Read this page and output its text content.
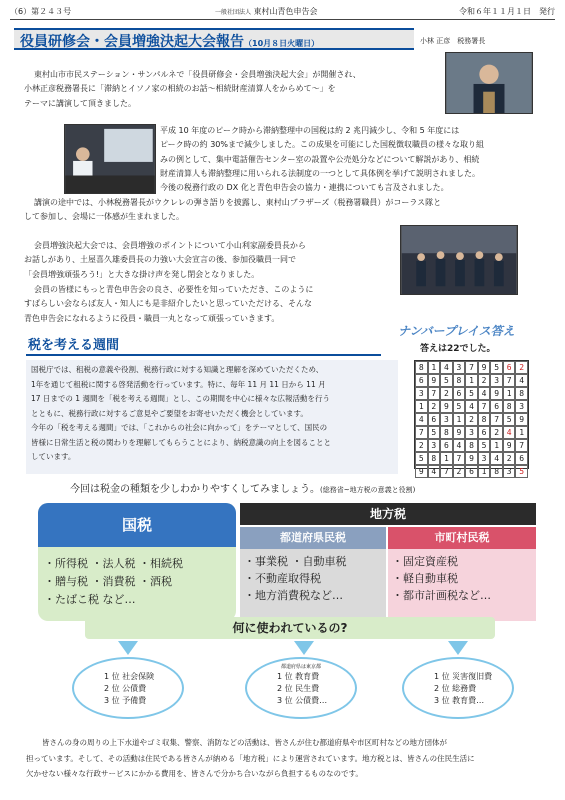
（6）第２４３号	一般社団法人 東村山青色申告会	令和６年１１月１日　発行
役員研修会・会員増強決起大会報告（10月８日火曜日）	小林 正彦　税務署長
東村山市市民ステーション・サンパルネで「役員研修会・会員増強決起大会」が開催され、
小林正彦税務署長に「滞納とイソノ家の相続のお話～相続財産清算人をからめて～」を
テーマに講演して頂きました。
平成 10 年度のピーク時から滞納整理中の国税は約 2 兆円減少し、令和 5 年度には
ピーク時の約 30%まで減少しました。この成果を可能にした国税徴収職員の様々な取り組
みの例として、集中電話催告センター室の設置や公売処分などについて解説があり、相続
財産清算人も滞納整理に用いられる法制度の一つとして具体例を挙げて説明されました。
今後の税務行政の DX 化と青色申告会の協力・連携についても言及されました。
講演の途中では、小林税務署長がウクレレの弾き語りを披露し、東村山ブラザーズ（税務署職員）がコーラス隊と
して参加し、会場に一体感が生まれました。
会員増強決起大会では、会員増強のポイントについて小山利家副委員長から
お話しがあり、土屋喜久雄委員長の力強い大会宣言の後、参加役職員一同で
「会員増強頑張ろう!」と大きな掛け声を発し閉会となりました。
会員の皆様にもっと青色申告会の良さ、必要性を知っていただき、このように
すばらしい会ならば友人・知人にも是非紹介したいと思っていただける、そんな
青色申告会になれるように役員・職員一丸となって頑張っていきます。
税を考える週間
国税庁では、租税の意義や役割、税務行政に対する知識と理解を深めていただくため、
1年を通じて租税に関する啓発活動を行っています。特に、毎年 11 月 11 日から 11 月
17 日までの 1 週間を「税を考える週間」とし、この期間を中心に様々な広報活動を行う
とともに、税務行政に対するご意見やご要望をお寄せいただく機会としています。
今年の「税を考える週間」では、「これからの社会に向かって」をテーマとして、国民の
皆様に日常生活と税の関わりを理解してもらうことにより、納税意識の向上を図ることと
しています。
ナンバープレイス答え
答えは22でした。
8 1 4 3 7 9 5 6 2
6 9 5 8 1 2 3 7 4
3 7 2 6 5 4 9 1 8
1 2 9 5 4 7 6 8 3
4 6 3 1 2 8 7 5 9
7 5 8 9 3 6 2 4 1
2 3 6 4 8 5 1 9 7
5 8 1 7 9 3 4 2 6
9 4 7 2 6 1 8 3 5
今回は税金の種類を少しわかりやすくしてみましょう。(総務省~地方税の意義と役割)
国税
・所得税 ・法人税 ・相続税
・贈与税 ・消費税 ・酒税
・たばこ税 など…
地方税
都道府県民税
・事業税 ・自動車税
・不動産取得税
・地方消費税など…
市町村民税
・固定資産税
・軽自動車税
・都市計画税など…
何に使われているの?
1 位 社会保険
2 位 公債費
3 位 予備費
都道府県は東京都
1 位 教育費
2 位 民生費
3 位 公債費…
1 位 災害復旧費
2 位 総務費
3 位 教育費…
皆さんの身の周りの上下水道やゴミ収集、警察、消防などの活動は、皆さんが住む都道府県や市区町村などの地方団体が
担っています。そして、その活動は住民である皆さんが納める「地方税」により運営されています。地方税とは、皆さんの住民生活に
欠かせない様々な行政サービスにかかる費用を、皆さんで分かち合いながら負担するものなのです。
